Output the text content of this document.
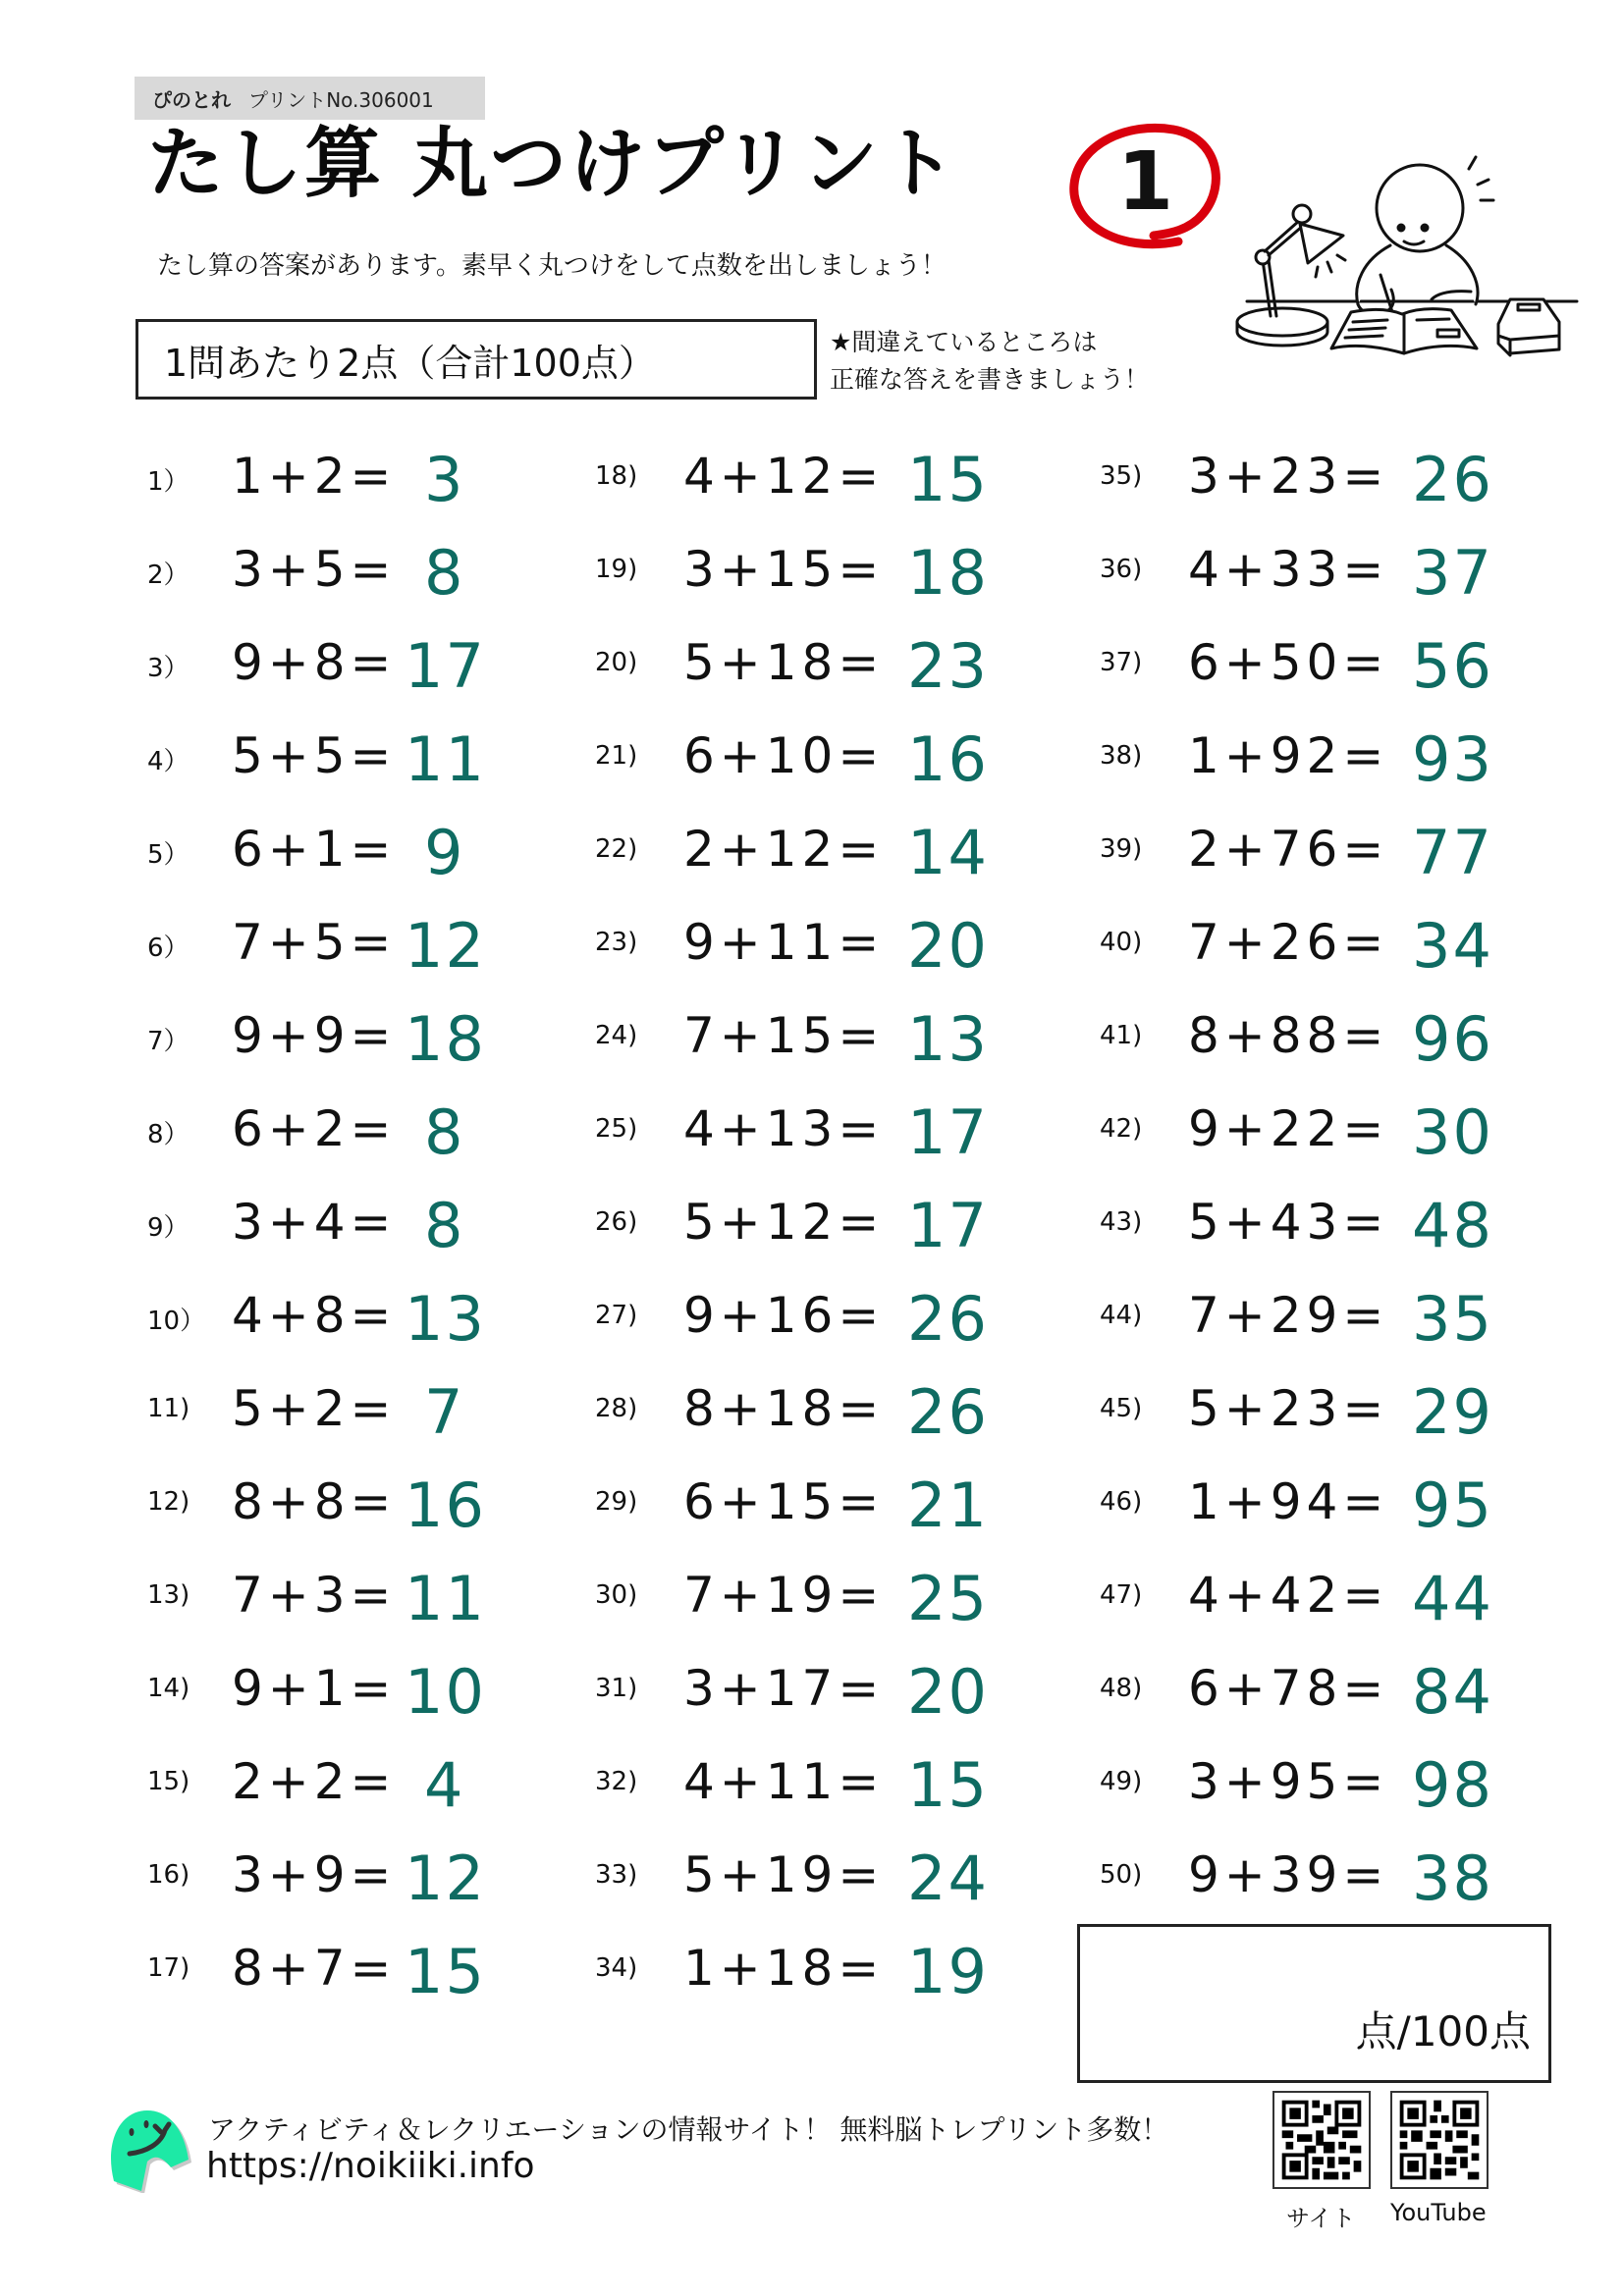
ぴのとれ プリントNo.306001
たし算 丸つけプリント 1
たし算の答案があります。素早く丸つけをして点数を出しましょう！
1問あたり2点（合計100点）	★間違えているところは
正確な答えを書きましょう！
1） 1+2= 3
2） 3+5= 8
3） 9+8= 17
4） 5+5= 11
5） 6+1= 9
6） 7+5= 12
7） 9+9= 18
8） 6+2= 8
9） 3+4= 8
10） 4+8= 13
11) 5+2= 7
12) 8+8= 16
13) 7+3= 11
14) 9+1= 10
15) 2+2= 4
16) 3+9= 12
17) 8+7= 15
18) 4+12= 15
19) 3+15= 18
20) 5+18= 23
21) 6+10= 16
22) 2+12= 14
23) 9+11= 20
24) 7+15= 13
25) 4+13= 17
26) 5+12= 17
27) 9+16= 26
28) 8+18= 26
29) 6+15= 21
30) 7+19= 25
31) 3+17= 20
32) 4+11= 15
33) 5+19= 24
34) 1+18= 19
35) 3+23= 26
36) 4+33= 37
37) 6+50= 56
38) 1+92= 93
39) 2+76= 77
40) 7+26= 34
41) 8+88= 96
42) 9+22= 30
43) 5+43= 48
44) 7+29= 35
45) 5+23= 29
46) 1+94= 95
47) 4+42= 44
48) 6+78= 84
49) 3+95= 98
50) 9+39= 38
点/100点
アクティビティ＆レクリエーションの情報サイト！ 無料脳トレプリント多数！
https://noikiiki.info
サイト YouTube
